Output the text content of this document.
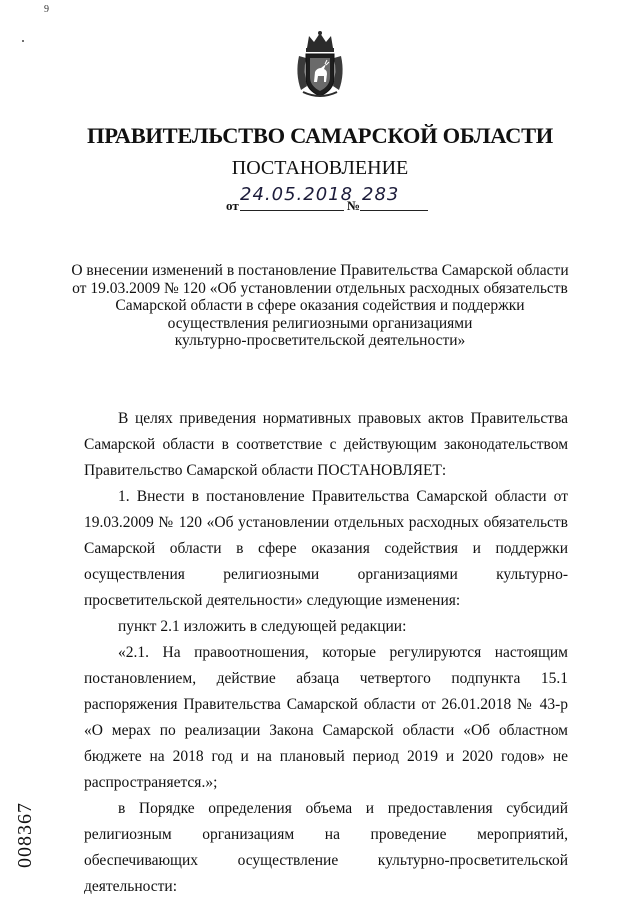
9
ПРАВИТЕЛЬСТВО САМАРСКОЙ ОБЛАСТИ
ПОСТАНОВЛЕНИЕ
от
24.05.2018
№
283
О внесении изменений в постановление Правительства Самарской области
от 19.03.2009 № 120 «Об установлении отдельных расходных обязательств
Самарской области в сфере оказания содействия и поддержки
осуществления религиозными организациями
культурно-просветительской деятельности»

В целях приведения нормативных правовых актов Правительства Самарской области в соответствие с действующим законодательством Правительство Самарской области ПОСТАНОВЛЯЕТ:

1. Внести в постановление Правительства Самарской области от 19.03.2009 № 120 «Об установлении отдельных расходных обязательств Самарской области в сфере оказания содействия и поддержки осуществления религиозными организациями культурно-просветительской деятельности» следующие изменения:

пункт 2.1 изложить в следующей редакции:

«2.1. На правоотношения, которые регулируются настоящим постановлением, действие абзаца четвертого подпункта 15.1 распоряжения Правительства Самарской области от 26.01.2018 № 43-р «О мерах по реализации Закона Самарской области «Об областном бюджете на 2018 год и на плановый период 2019 и 2020 годов» не распространяется.»;

в Порядке определения объема и предоставления субсидий религиозным организациям на проведение мероприятий, обеспечивающих осуществление культурно-просветительской деятельности:

008367
